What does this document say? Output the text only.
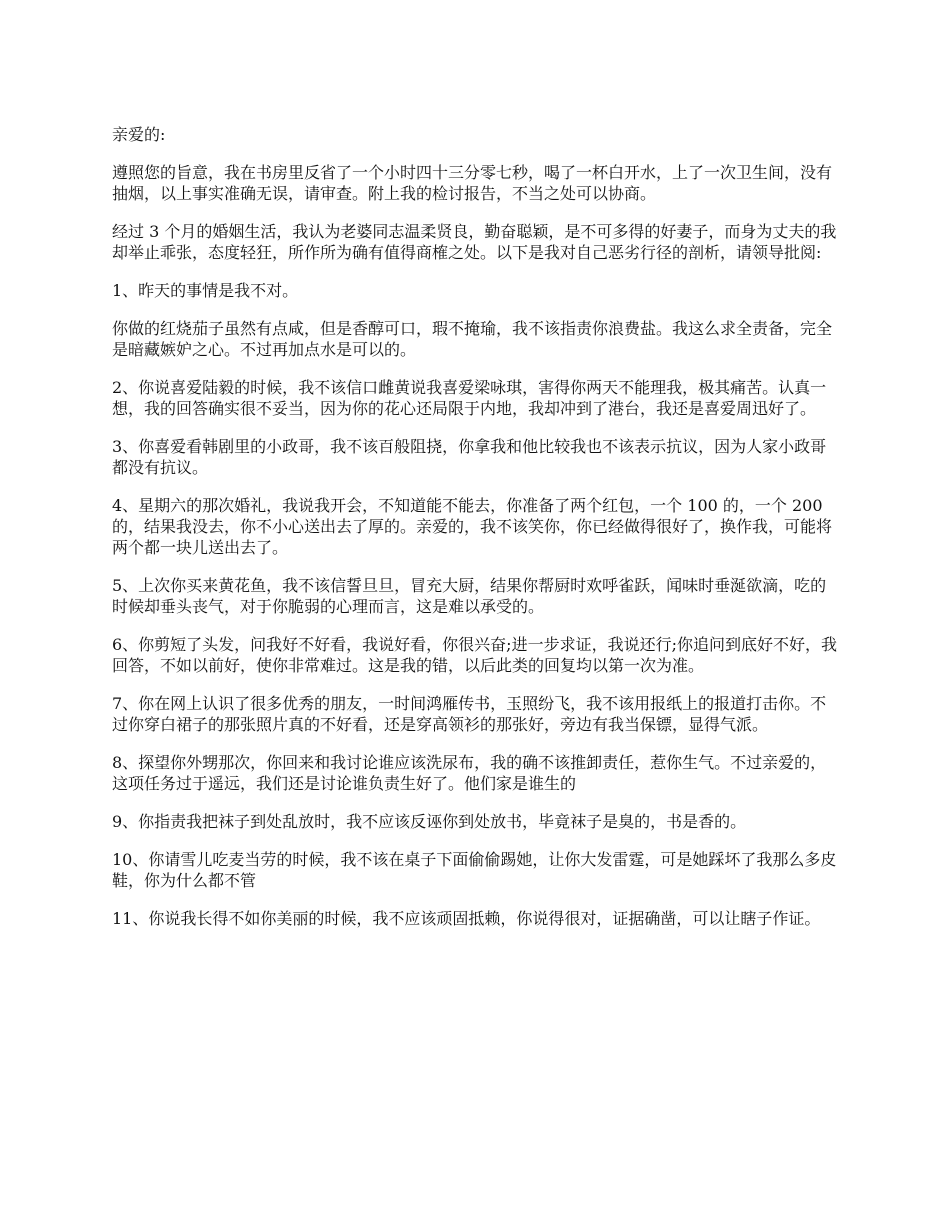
亲爱的:

遵照您的旨意，我在书房里反省了一个小时四十三分零七秒，喝了一杯白开水，上了一次卫生间，没有抽烟，以上事实准确无误，请审查。附上我的检讨报告，不当之处可以协商。

经过 3 个月的婚姻生活，我认为老婆同志温柔贤良，勤奋聪颖，是不可多得的好妻子，而身为丈夫的我却举止乖张，态度轻狂，所作所为确有值得商榷之处。以下是我对自己恶劣行径的剖析，请领导批阅:

1、昨天的事情是我不对。

你做的红烧茄子虽然有点咸，但是香醇可口，瑕不掩瑜，我不该指责你浪费盐。我这么求全责备，完全是暗藏嫉妒之心。不过再加点水是可以的。

2、你说喜爱陆毅的时候，我不该信口雌黄说我喜爱梁咏琪，害得你两天不能理我，极其痛苦。认真一想，我的回答确实很不妥当，因为你的花心还局限于内地，我却冲到了港台，我还是喜爱周迅好了。

3、你喜爱看韩剧里的小政哥，我不该百般阻挠，你拿我和他比较我也不该表示抗议，因为人家小政哥都没有抗议。

4、星期六的那次婚礼，我说我开会，不知道能不能去，你准备了两个红包，一个 100 的，一个 200 的，结果我没去，你不小心送出去了厚的。亲爱的，我不该笑你，你已经做得很好了，换作我，可能将两个都一块儿送出去了。

5、上次你买来黄花鱼，我不该信誓旦旦，冒充大厨，结果你帮厨时欢呼雀跃，闻味时垂涎欲滴，吃的时候却垂头丧气，对于你脆弱的心理而言，这是难以承受的。

6、你剪短了头发，问我好不好看，我说好看，你很兴奋;进一步求证，我说还行;你追问到底好不好，我回答，不如以前好，使你非常难过。这是我的错，以后此类的回复均以第一次为准。

7、你在网上认识了很多优秀的朋友，一时间鸿雁传书，玉照纷飞，我不该用报纸上的报道打击你。不过你穿白裙子的那张照片真的不好看，还是穿高领衫的那张好，旁边有我当保镖，显得气派。

8、探望你外甥那次，你回来和我讨论谁应该洗尿布，我的确不该推卸责任，惹你生气。不过亲爱的，这项任务过于遥远，我们还是讨论谁负责生好了。他们家是谁生的

9、你指责我把袜子到处乱放时，我不应该反诬你到处放书，毕竟袜子是臭的，书是香的。

10、你请雪儿吃麦当劳的时候，我不该在桌子下面偷偷踢她，让你大发雷霆，可是她踩坏了我那么多皮鞋，你为什么都不管

11、你说我长得不如你美丽的时候，我不应该顽固抵赖，你说得很对，证据确凿，可以让瞎子作证。
